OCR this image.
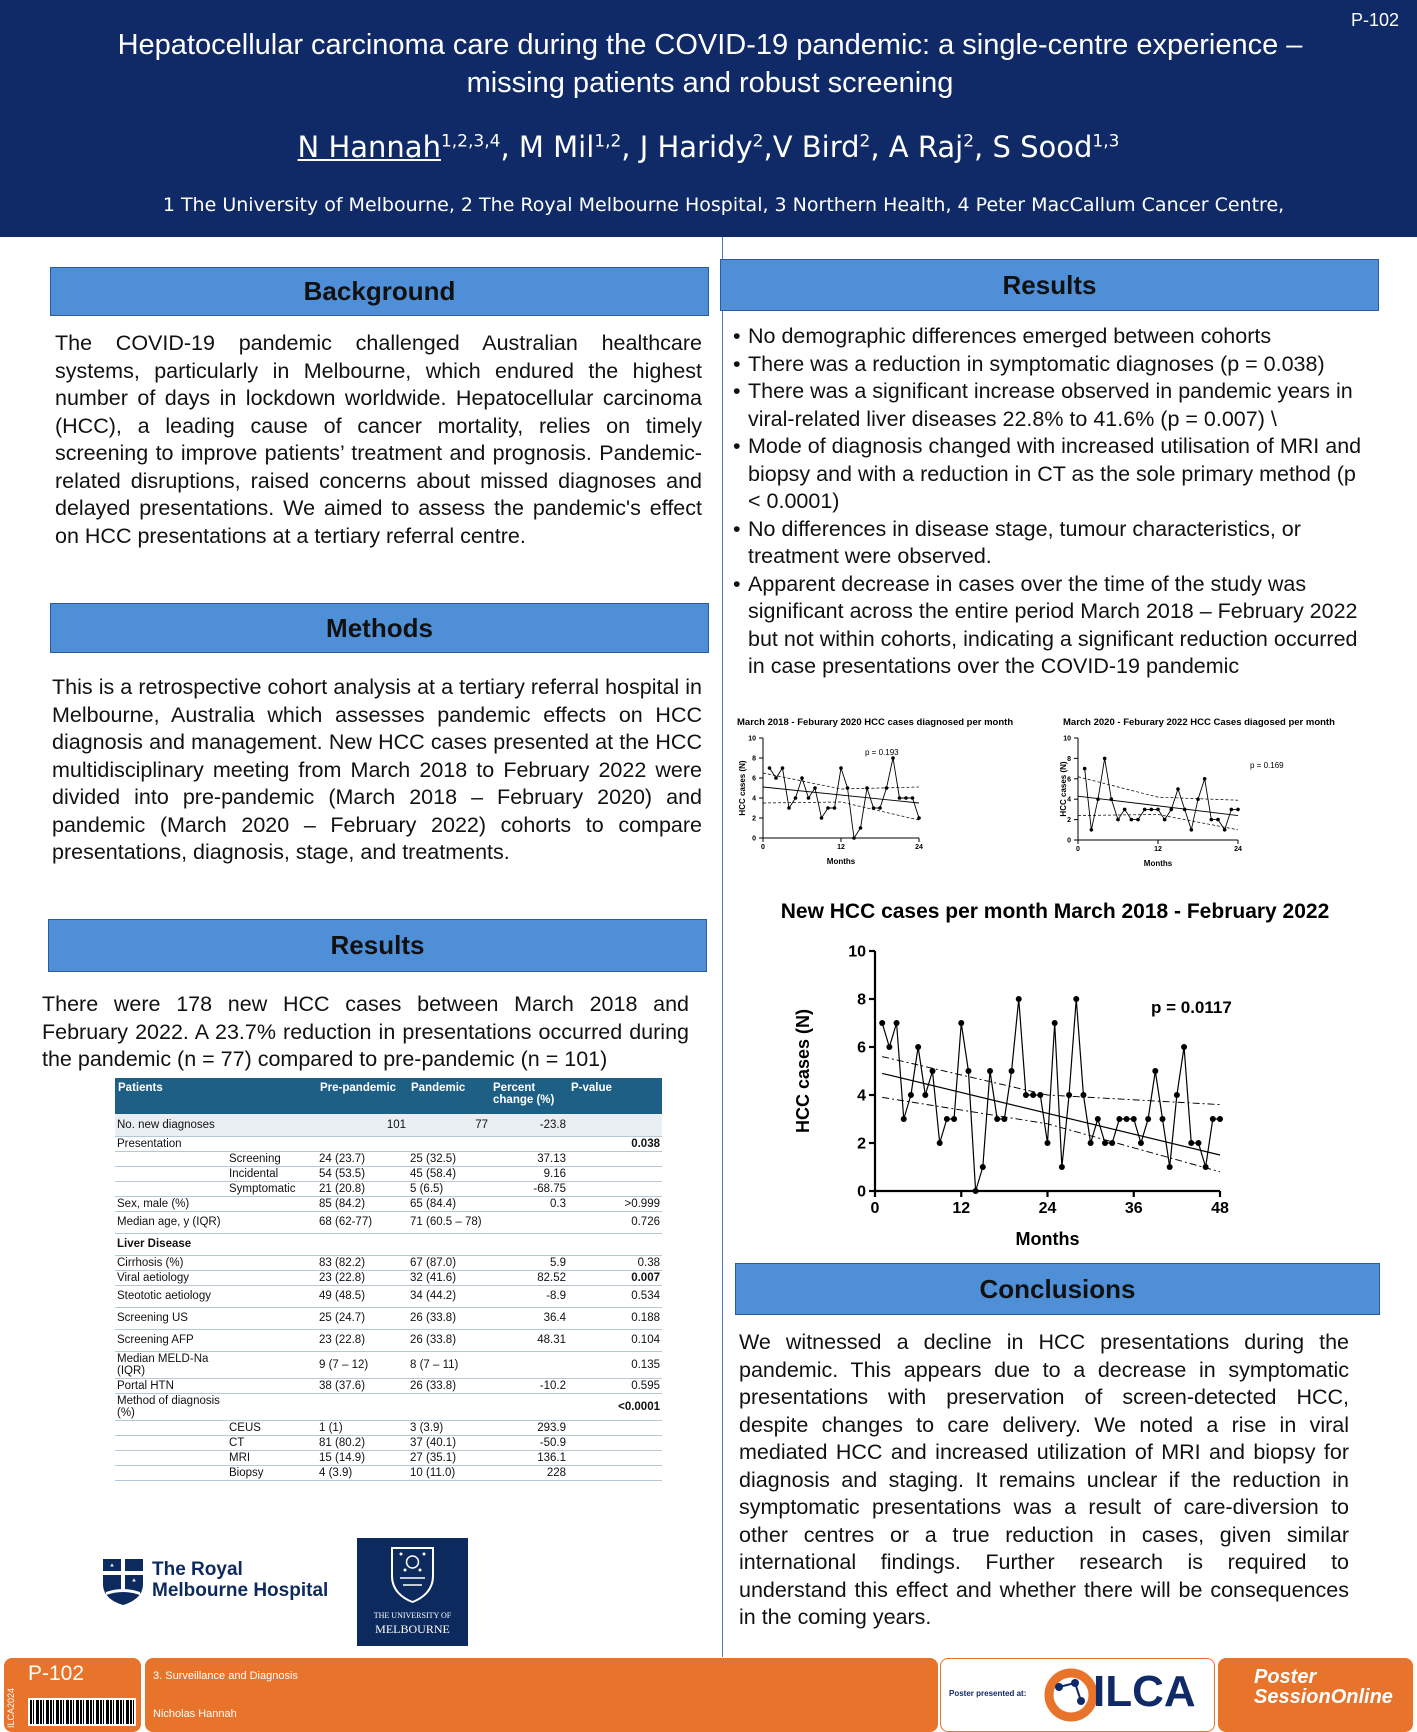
P-102
Hepatocellular carcinoma care during the COVID-19 pandemic: a single-centre experience –
missing patients and robust screening
N Hannah$^{1,2,3,4}$, M Mil$^{1,2}$, J Haridy$^2$,V Bird$^2$, A Raj$^2$, S Sood$^{1,3}$
1 The University of Melbourne, 2 The Royal Melbourne Hospital, 3 Northern Health, 4 Peter MacCallum Cancer Centre,
Background
The COVID-19 pandemic challenged Australian healthcare systems, particularly in Melbourne, which endured the highest number of days in lockdown worldwide. Hepatocellular carcinoma (HCC), a leading cause of cancer mortality, relies on timely screening to improve patients’ treatment and prognosis. Pandemic-related disruptions, raised concerns about missed diagnoses and delayed presentations. We aimed to assess the pandemic's effect on HCC presentations at a tertiary referral centre.
Methods
This is a retrospective cohort analysis at a tertiary referral hospital in Melbourne, Australia which assesses pandemic effects on HCC diagnosis and management. New HCC cases presented at the HCC multidisciplinary meeting from March 2018 to February 2022 were divided into pre-pandemic (March 2018 – February 2020) and pandemic (March 2020 – February 2022) cohorts to compare presentations, diagnosis, stage, and treatments.
Results
There were 178 new HCC cases between March 2018 and February 2022. A 23.7% reduction in presentations occurred during the pandemic (n = 77) compared to pre-pandemic (n = 101)
Patients		Pre-pandemic	Pandemic	Percent change (%)	P-value
No. new diagnoses		101	77	-23.8	
Presentation					0.038
	Screening	24 (23.7)	25 (32.5)	37.13	
	Incidental	54 (53.5)	45 (58.4)	9.16	
	Symptomatic	21 (20.8)	5 (6.5)	-68.75	
Sex, male (%)		85 (84.2)	65 (84.4)	0.3	>0.999
Median age, y (IQR)		68 (62-77)	71 (60.5 – 78)		0.726
Liver Disease					
Cirrhosis (%)		83 (82.2)	67 (87.0)	5.9	0.38
Viral aetiology		23 (22.8)	32 (41.6)	82.52	0.007
Steototic aetiology		49 (48.5)	34 (44.2)	-8.9	0.534
Screening US		25 (24.7)	26 (33.8)	36.4	0.188
Screening AFP		23 (22.8)	26 (33.8)	48.31	0.104
Median MELD-Na (IQR)		9 (7 – 12)	8 (7 – 11)		0.135
Portal HTN		38 (37.6)	26 (33.8)	-10.2	0.595
Method of diagnosis (%)					<0.0001
	CEUS	1 (1)	3 (3.9)	293.9	
	CT	81 (80.2)	37 (40.1)	-50.9	
	MRI	15 (14.9)	27 (35.1)	136.1	
	Biopsy	4 (3.9)	10 (11.0)	228	
The Royal Melbourne Hospital
THE UNIVERSITY OF
MELBOURNE
Results
• No demographic differences emerged between cohorts
• There was a reduction in symptomatic diagnoses (p = 0.038)
• There was a significant increase observed in pandemic years in viral-related liver diseases 22.8% to 41.6% (p = 0.007) \
• Mode of diagnosis changed with increased utilisation of MRI and biopsy and with a reduction in CT as the sole primary method (p < 0.0001)
• No differences in disease stage, tumour characteristics, or treatment were observed.
• Apparent decrease in cases over the time of the study was significant across the entire period March 2018 – February 2022 but not within cohorts, indicating a significant reduction occurred in case presentations over the COVID-19 pandemic
March 2018 - Feburary 2020 HCC cases diagnosed per month
0
2
4
6
8
10
0	12	24
Months
HCC cases (N)
p = 0.193
March 2020 - Feburary 2022 HCC Cases diagosed per month
0
2
4
6
8
10
0	12	24
Months
HCC cases (N)	p = 0.169
New HCC cases per month March 2018 - February 2022
0
2
4
6
8
10
0	12	24	36	48
Months
HCC cases (N)
p = 0.0117
Conclusions
We witnessed a decline in HCC presentations during the pandemic. This appears due to a decrease in symptomatic presentations with preservation of screen-detected HCC, despite changes to care delivery. We noted a rise in viral mediated HCC and increased utilization of MRI and biopsy for diagnosis and staging. It remains unclear if the reduction in symptomatic presentations was a result of care-diversion to other centres or a true reduction in cases, given similar international findings. Further research is required to understand this effect and whether there will be consequences in the coming years.
ILCA2024
P-102	3. Surveillance and Diagnosis
Nicholas Hannah
Poster presented at: ILCA	Poster
SessionOnline
